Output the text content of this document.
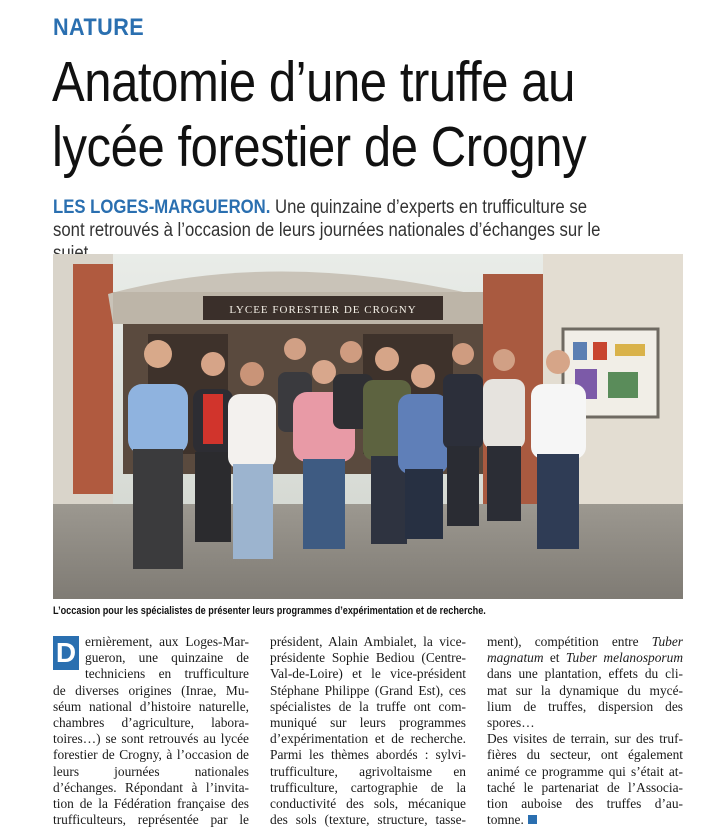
NATURE
Anatomie d’une truffe au
lycée forestier de Crogny

LES LOGES-MARGUERON. Une quinzaine d’experts en trufficulture se sont retrouvés à l’occasion de leurs journées nationales d’échanges sur le

LYCEE FORESTIER DE CROGNY
L’occasion pour les spécialistes de présenter leurs programmes d’expérimentation et de recherche.
D ernièrement, aux Loges-Mar-
gueron, une quinzaine de
techniciens en trufficulture
de diverses origines (Inrae, Mu-
séum national d’histoire naturelle,
chambres d’agriculture, labora-
toires…) se sont retrouvés au lycée
forestier de Crogny, à l’occasion de
leurs journées nationales
d’échanges. Répondant à l’invita-
tion de la Fédération française des
trufficulteurs, représentée par le
président, Alain Ambialet, la vice-
présidente Sophie Bediou (Centre-
Val-de-Loire) et le vice-président
Stéphane Philippe (Grand Est), ces
spécialistes de la truffe ont com-
muniqué sur leurs programmes
d’expérimentation et de recherche.
Parmi les thèmes abordés : sylvi-
trufficulture, agrivoltaisme en
trufficulture, cartographie de la
conductivité des sols, mécanique
des sols (texture, structure, tasse-
ment), compétition entre Tuber
magnatum et Tuber melanosporum
dans une plantation, effets du cli-
mat sur la dynamique du mycé-
lium de truffes, dispersion des
spores…
Des visites de terrain, sur des truf-
fières du secteur, ont également
animé ce programme qui s’était at-
taché le partenariat de l’Associa-
tion auboise des truffes d’au-
tomne.
